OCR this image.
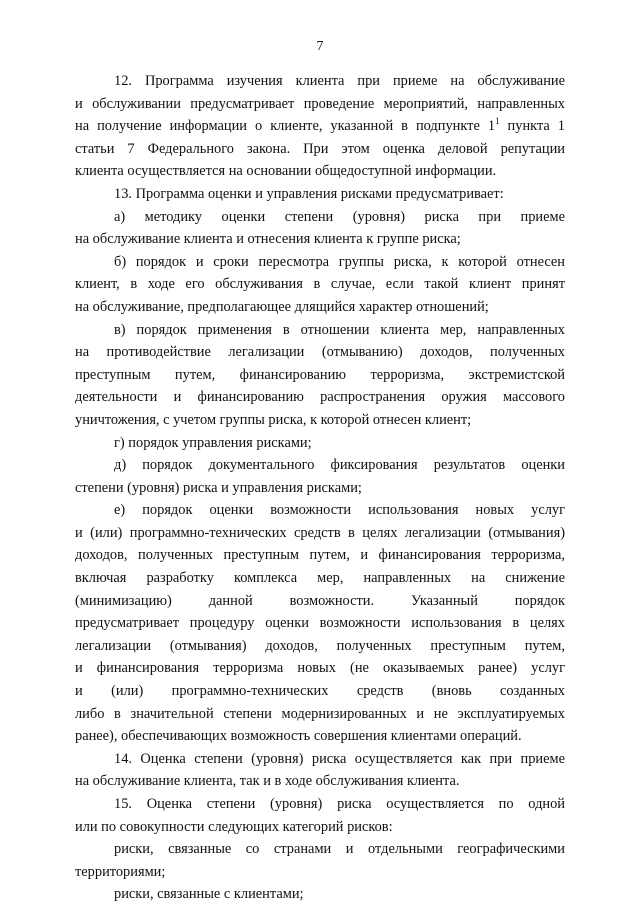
7
12. Программа изучения клиента при приеме на обслуживание
и обслуживании предусматривает проведение мероприятий, направленных
на получение информации о клиенте, указанной в подпункте $1^1$ пункта 1
статьи 7 Федерального закона. При этом оценка деловой репутации
клиента осуществляется на основании общедоступной информации.
13. Программа оценки и управления рисками предусматривает:
а) методику оценки степени (уровня) риска при приеме
на обслуживание клиента и отнесения клиента к группе риска;
б) порядок и сроки пересмотра группы риска, к которой отнесен
клиент, в ходе его обслуживания в случае, если такой клиент принят
на обслуживание, предполагающее длящийся характер отношений;
в) порядок применения в отношении клиента мер, направленных
на противодействие легализации (отмыванию) доходов, полученных
преступным путем, финансированию терроризма, экстремистской
деятельности и финансированию распространения оружия массового
уничтожения, с учетом группы риска, к которой отнесен клиент;
г) порядок управления рисками;
д) порядок документального фиксирования результатов оценки
степени (уровня) риска и управления рисками;
е) порядок оценки возможности использования новых услуг
и (или) программно-технических средств в целях легализации (отмывания)
доходов, полученных преступным путем, и финансирования терроризма,
включая разработку комплекса мер, направленных на снижение
(минимизацию) данной возможности. Указанный порядок
предусматривает процедуру оценки возможности использования в целях
легализации (отмывания) доходов, полученных преступным путем,
и финансирования терроризма новых (не оказываемых ранее) услуг
и (или) программно-технических средств (вновь созданных
либо в значительной степени модернизированных и не эксплуатируемых
ранее), обеспечивающих возможность совершения клиентами операций.
14. Оценка степени (уровня) риска осуществляется как при приеме
на обслуживание клиента, так и в ходе обслуживания клиента.
15. Оценка степени (уровня) риска осуществляется по одной
или по совокупности следующих категорий рисков:
риски, связанные со странами и отдельными географическими
территориями;
риски, связанные с клиентами;
